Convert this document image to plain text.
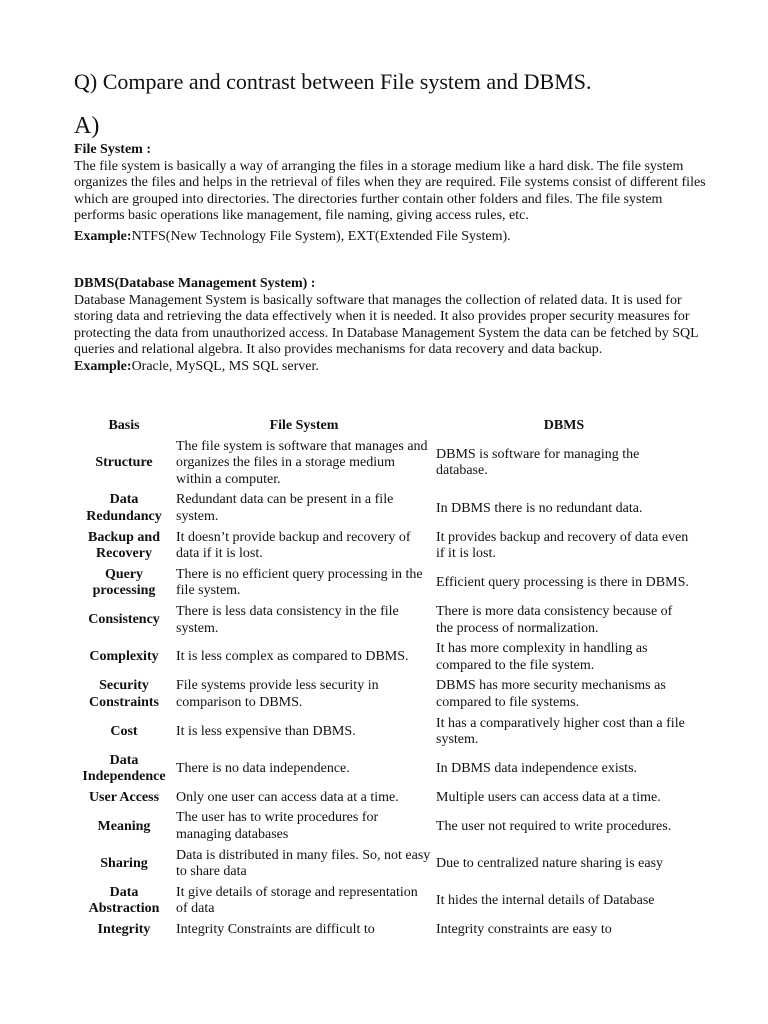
Q) Compare and contrast between File system and DBMS.
A)
File System :

The file system is basically a way of arranging the files in a storage medium like a hard disk. The file system organizes the files and helps in the retrieval of files when they are required. File systems consist of different files which are grouped into directories. The directories further contain other folders and files. The file system performs basic operations like management, file naming, giving access rules, etc.

Example:NTFS(New Technology File System), EXT(Extended File System).
DBMS(Database Management System) :

Database Management System is basically software that manages the collection of related data. It is used for storing data and retrieving the data effectively when it is needed. It also provides proper security measures for protecting the data from unauthorized access. In Database Management System the data can be fetched by SQL queries and relational algebra. It also provides mechanisms for data recovery and data backup.

Example:Oracle, MySQL, MS SQL server.
Basis	File System	DBMS
Structure	The file system is software that manages and organizes the files in a storage medium within a computer.	DBMS is software for managing the database.
Data Redundancy	Redundant data can be present in a file system.	In DBMS there is no redundant data.
Backup and Recovery	It doesn’t provide backup and recovery of data if it is lost.	It provides backup and recovery of data even if it is lost.
Query processing	There is no efficient query processing in the file system.	Efficient query processing is there in DBMS.
Consistency	There is less data consistency in the file system.	There is more data consistency because of the process of normalization.
Complexity	It is less complex as compared to DBMS.	It has more complexity in handling as compared to the file system.
Security Constraints	File systems provide less security in comparison to DBMS.	DBMS has more security mechanisms as compared to file systems.
Cost	It is less expensive than DBMS.	It has a comparatively higher cost than a file system.
Data Independence	There is no data independence.	In DBMS data independence exists.
User Access	Only one user can access data at a time.	Multiple users can access data at a time.
Meaning	The user has to write procedures for managing databases	The user not required to write procedures.
Sharing	Data is distributed in many files. So, not easy to share data	Due to centralized nature sharing is easy
Data Abstraction	It give details of storage and representation of data	It hides the internal details of Database
Integrity	Integrity Constraints are difficult to	Integrity constraints are easy to
